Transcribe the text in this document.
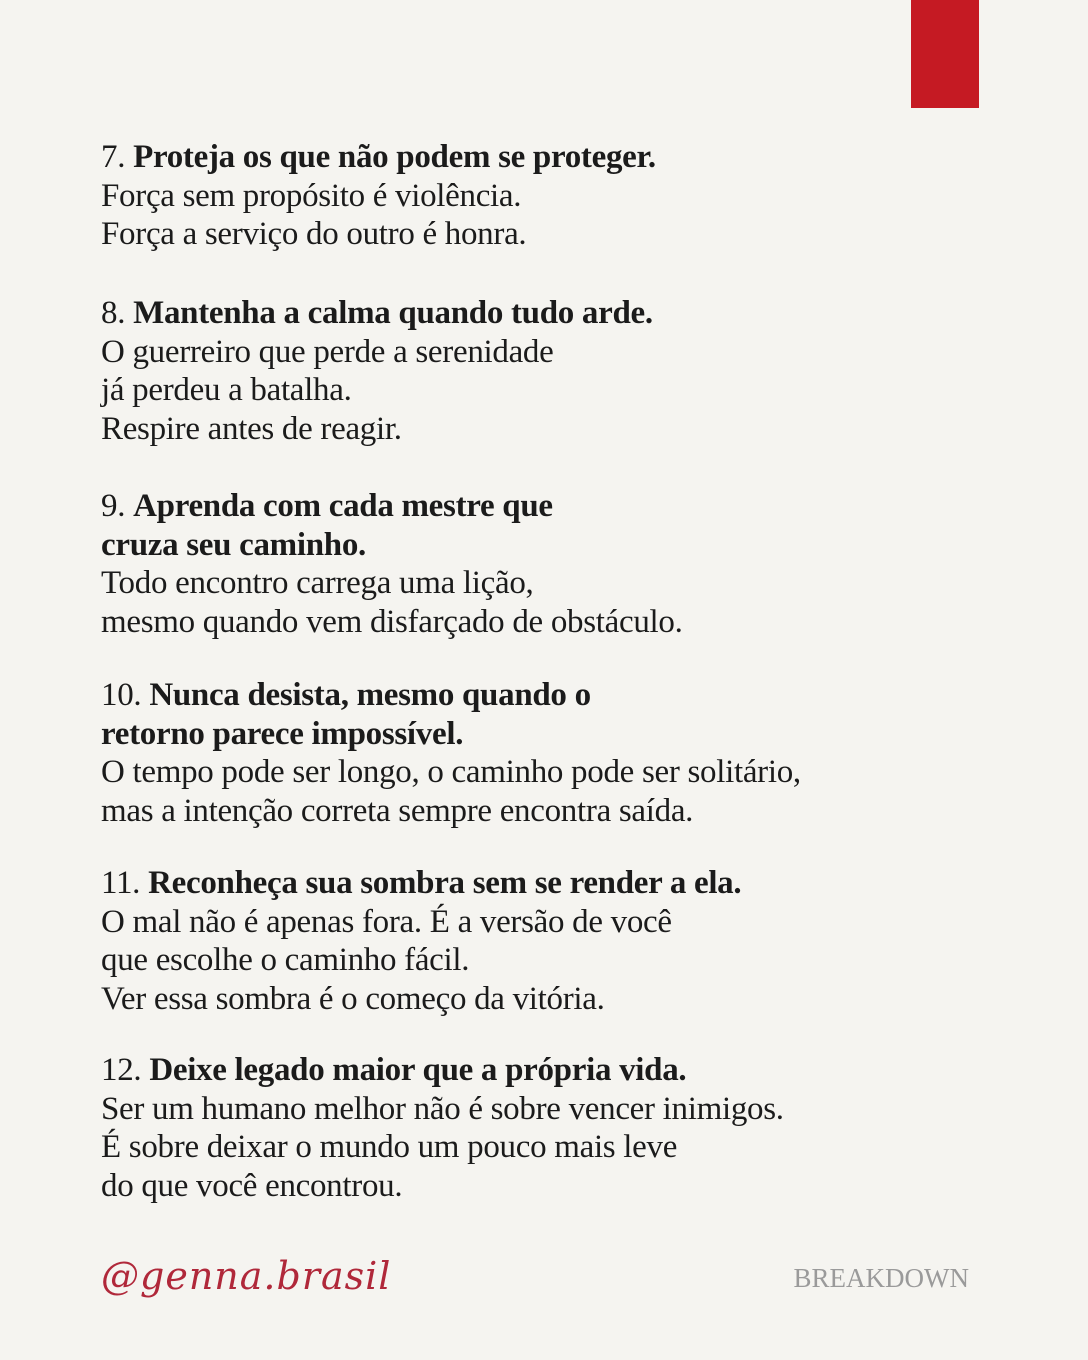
7. Proteja os que não podem se proteger.
Força sem propósito é violência.
Força a serviço do outro é honra.
8. Mantenha a calma quando tudo arde.
O guerreiro que perde a serenidade
já perdeu a batalha.
Respire antes de reagir.
9. Aprenda com cada mestre que
cruza seu caminho.
Todo encontro carrega uma lição,
mesmo quando vem disfarçado de obstáculo.
10. Nunca desista, mesmo quando o
retorno parece impossível.
O tempo pode ser longo, o caminho pode ser solitário,
mas a intenção correta sempre encontra saída.
11. Reconheça sua sombra sem se render a ela.
O mal não é apenas fora. É a versão de você
que escolhe o caminho fácil.
Ver essa sombra é o começo da vitória.
12. Deixe legado maior que a própria vida.
Ser um humano melhor não é sobre vencer inimigos.
É sobre deixar o mundo um pouco mais leve
do que você encontrou.
@genna.brasil	BREAKDOWN
